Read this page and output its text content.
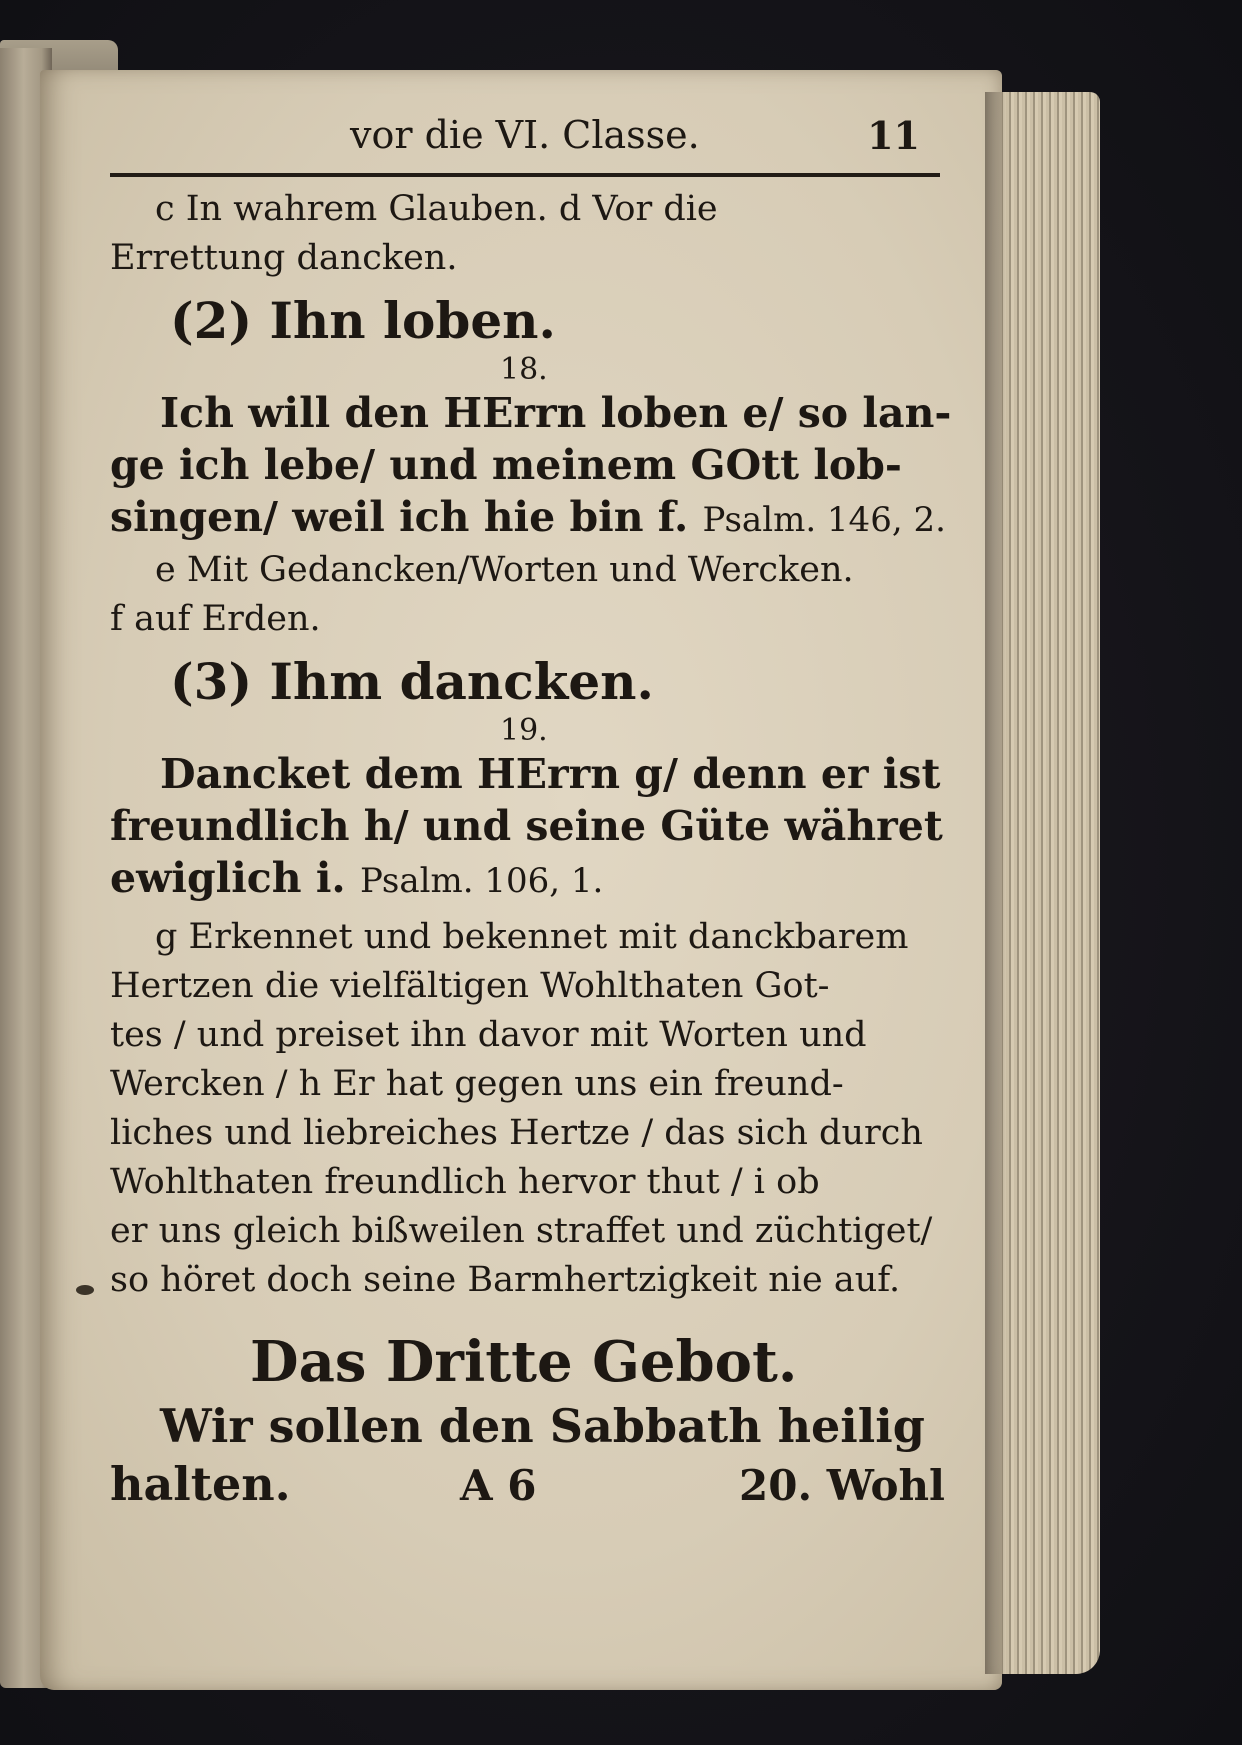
vor die VI. Classe.	11

c In wahrem Glauben. d Vor die

Errettung dancken.

(2) Ihn loben.

18.

Ich will den HErrn loben e/ so lan-

ge ich lebe/ und meinem GOtt lob-

singen/ weil ich hie bin f. Psalm. 146, 2.

e Mit Gedancken/Worten und Wercken.

f auf Erden.

(3) Ihm dancken.

19.

Dancket dem HErrn g/ denn er ist

freundlich h/ und seine Güte währet

ewiglich i. Psalm. 106, 1.

g Erkennet und bekennet mit danckbarem

Hertzen die vielfältigen Wohlthaten Got-

tes / und preiset ihn davor mit Worten und

Wercken / h Er hat gegen uns ein freund-

liches und liebreiches Hertze / das sich durch

Wohlthaten freundlich hervor thut / i ob

er uns gleich bißweilen straffet und züchtiget/

so höret doch seine Barmhertzigkeit nie auf.

Das Dritte Gebot.

Wir sollen den Sabbath heilig

halten.	A 6	20. Wohl
